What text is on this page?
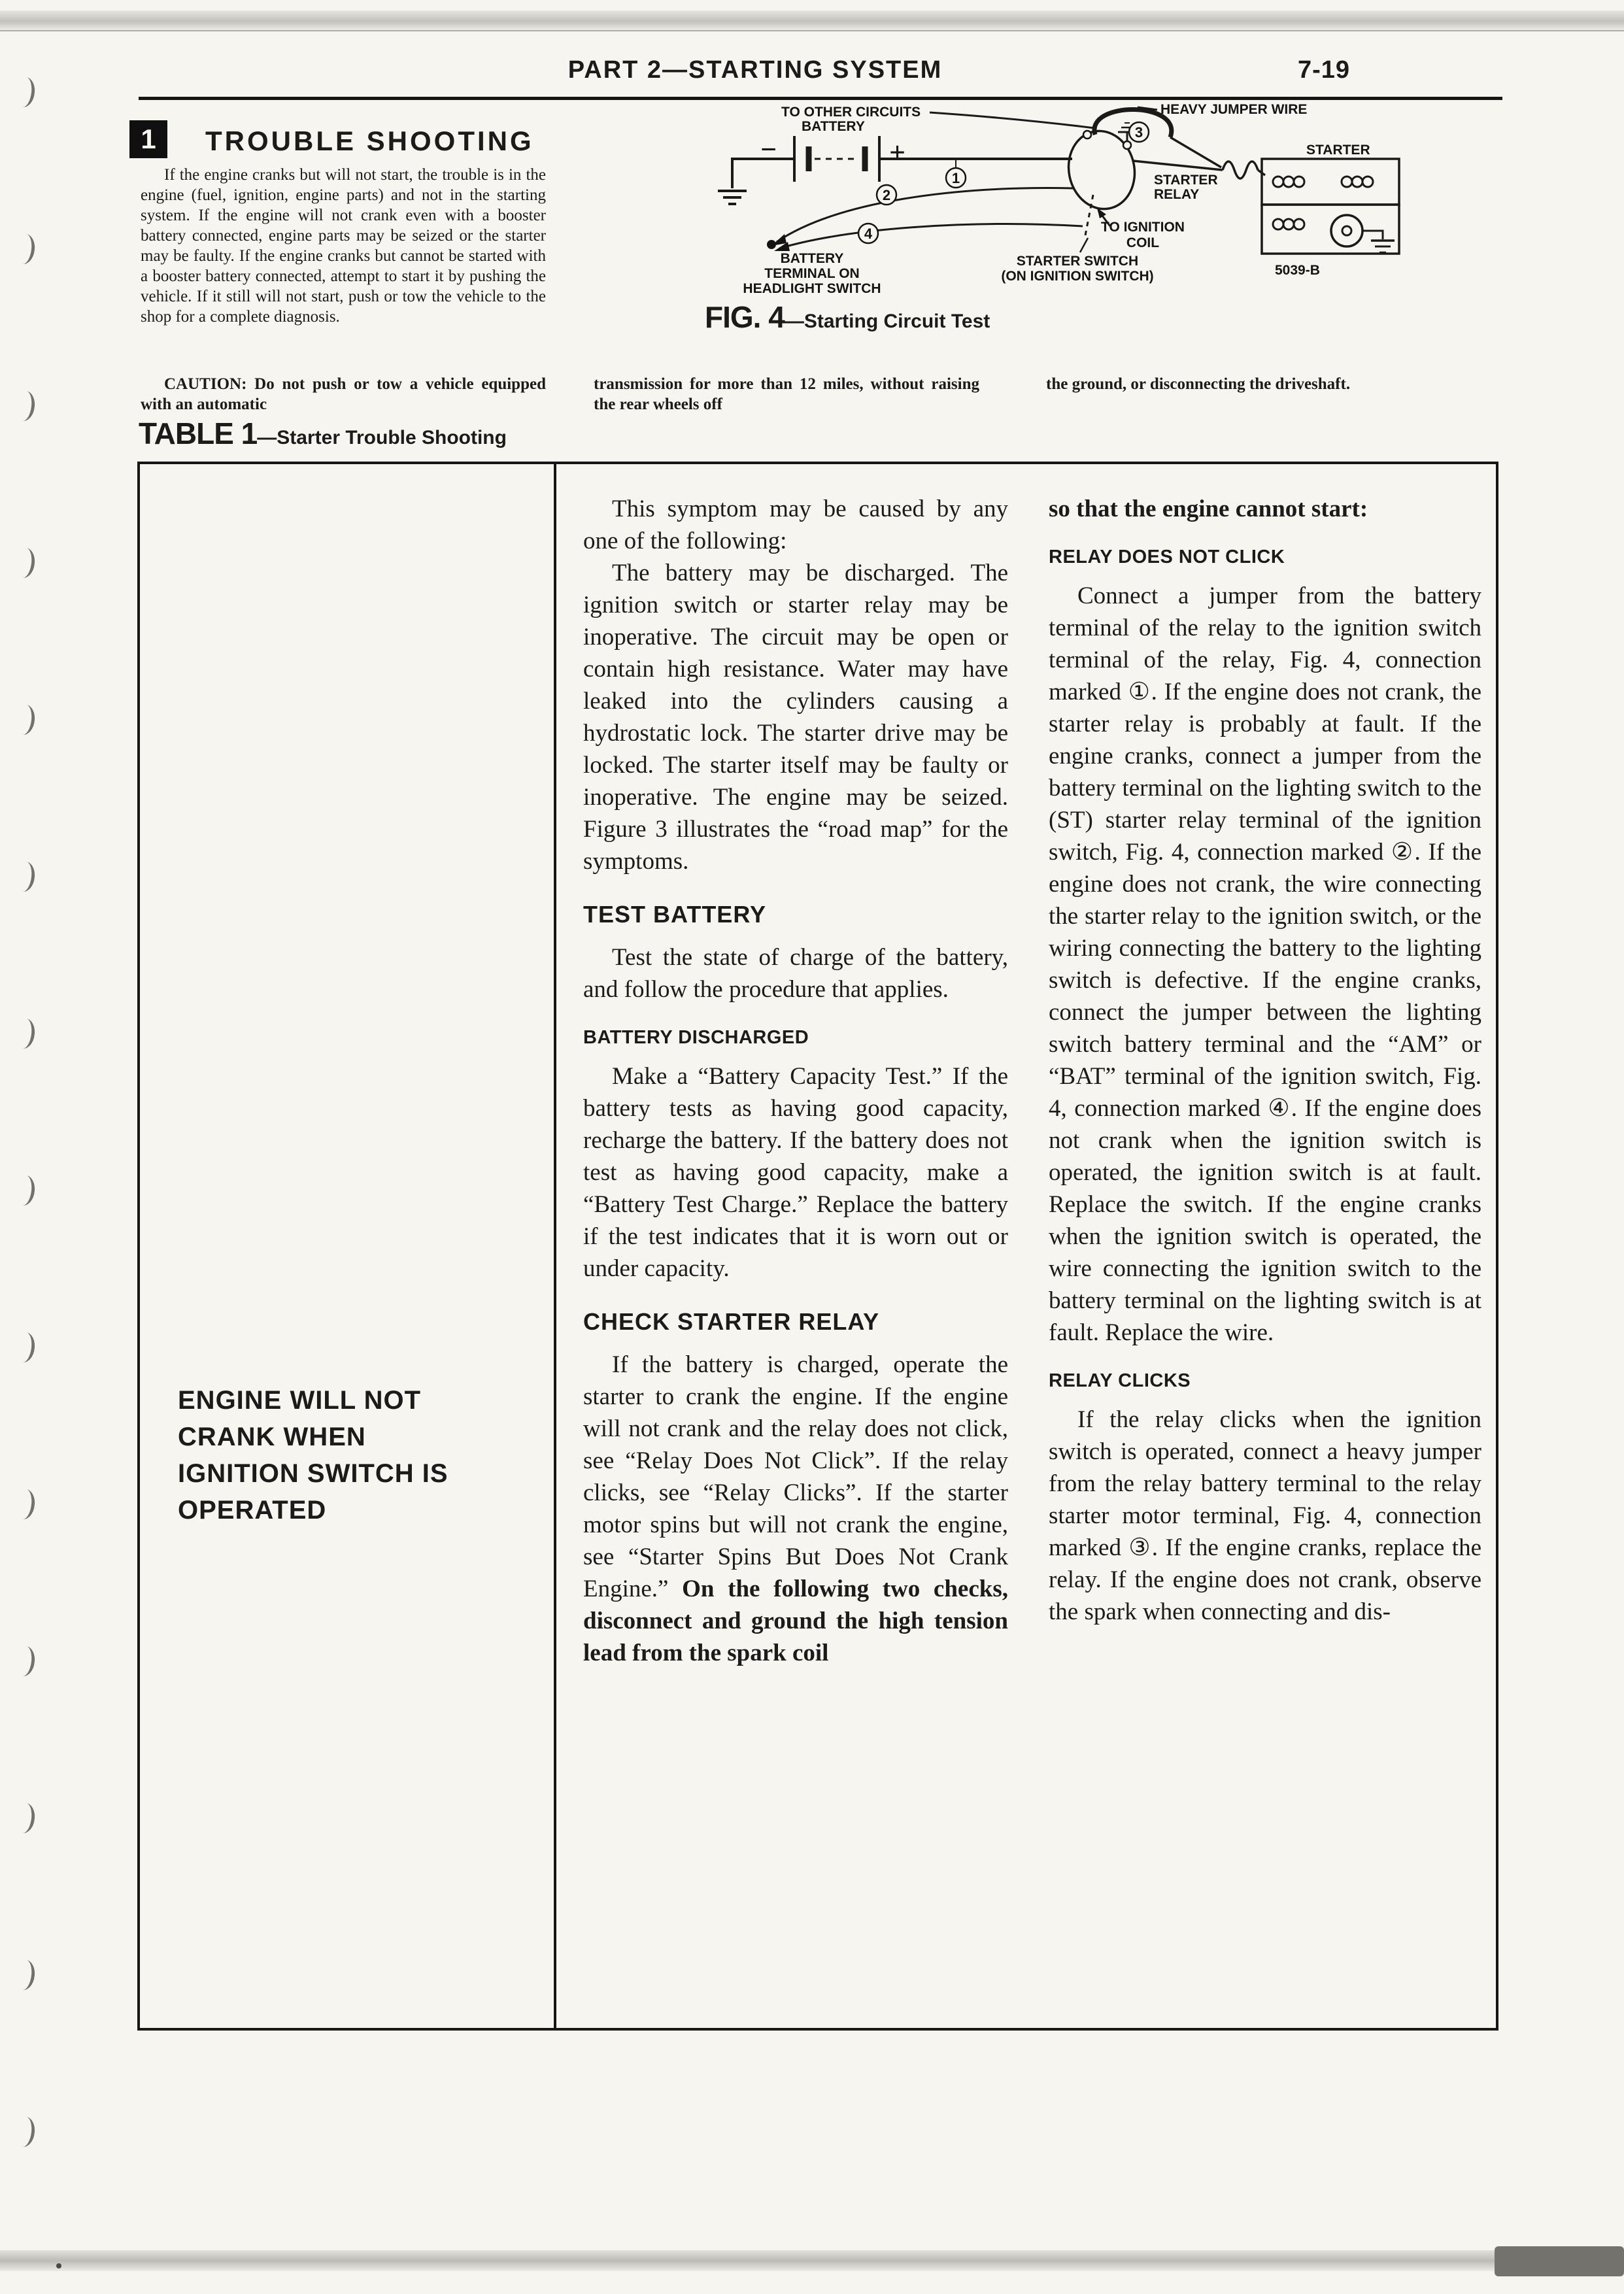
PART 2—STARTING SYSTEM	7-19
1	TROUBLE SHOOTING

If the engine cranks but will not start, the trouble is in the engine (fuel, ignition, engine parts) and not in the starting system. If the engine will not crank even with a booster battery connected, engine parts may be seized or the starter may be faulty. If the engine cranks but cannot be started with a booster battery connected, attempt to start it by pushing the vehicle. If it still will not start, push or tow the vehicle to the shop for a complete diagnosis.

CAUTION: Do not push or tow a vehicle equipped with an automatic

transmission for more than 12 miles, without raising the rear wheels off

the ground, or disconnecting the driveshaft.

−	+
BATTERY
TO OTHER CIRCUITS	HEAVY JUMPER WIRE
STARTER
RELAY
STARTER
1
2
3
4	TO IGNITION
COIL
BATTERY
TERMINAL ON
HEADLIGHT SWITCH
STARTER SWITCH
(ON IGNITION SWITCH)	5039-B
FIG. 4—Starting Circuit Test
TABLE 1—Starter Trouble Shooting
ENGINE WILL NOT CRANK WHEN IGNITION SWITCH IS OPERATED

This symptom may be caused by any one of the following:

The battery may be discharged. The ignition switch or starter relay may be inoperative. The circuit may be open or contain high resistance. Water may have leaked into the cylinders causing a hydrostatic lock. The starter drive may be locked. The starter itself may be faulty or inoperative. The engine may be seized. Figure 3 illustrates the “road map” for the symptoms.

TEST BATTERY

Test the state of charge of the battery, and follow the procedure that applies.

BATTERY DISCHARGED

Make a “Battery Capacity Test.” If the battery tests as having good capacity, recharge the battery. If the battery does not test as having good capacity, make a “Battery Test Charge.” Replace the battery if the test indicates that it is worn out or under capacity.

CHECK STARTER RELAY

If the battery is charged, operate the starter to crank the engine. If the engine will not crank and the relay does not click, see “Relay Does Not Click”. If the relay clicks, see “Relay Clicks”. If the starter motor spins but will not crank the engine, see “Starter Spins But Does Not Crank Engine.” On the following two checks, disconnect and ground the high tension lead from the spark coil

so that the engine cannot start:

RELAY DOES NOT CLICK

Connect a jumper from the battery terminal of the relay to the ignition switch terminal of the relay, Fig. 4, connection marked ①. If the engine does not crank, the starter relay is probably at fault. If the engine cranks, connect a jumper from the battery terminal on the lighting switch to the (ST) starter relay terminal of the ignition switch, Fig. 4, connection marked ②. If the engine does not crank, the wire connecting the starter relay to the ignition switch, or the wiring connecting the battery to the lighting switch is defective. If the engine cranks, connect the jumper between the lighting switch battery terminal and the “AM” or “BAT” terminal of the ignition switch, Fig. 4, connection marked ④. If the engine does not crank when the ignition switch is operated, the ignition switch is at fault. Replace the switch. If the engine cranks when the ignition switch is operated, the wire connecting the ignition switch to the battery terminal on the lighting switch is at fault. Replace the wire.

RELAY CLICKS

If the relay clicks when the ignition switch is operated, connect a heavy jumper from the relay battery terminal to the relay starter motor terminal, Fig. 4, connection marked ③. If the engine cranks, replace the relay. If the engine does not crank, observe the spark when connecting and dis-
